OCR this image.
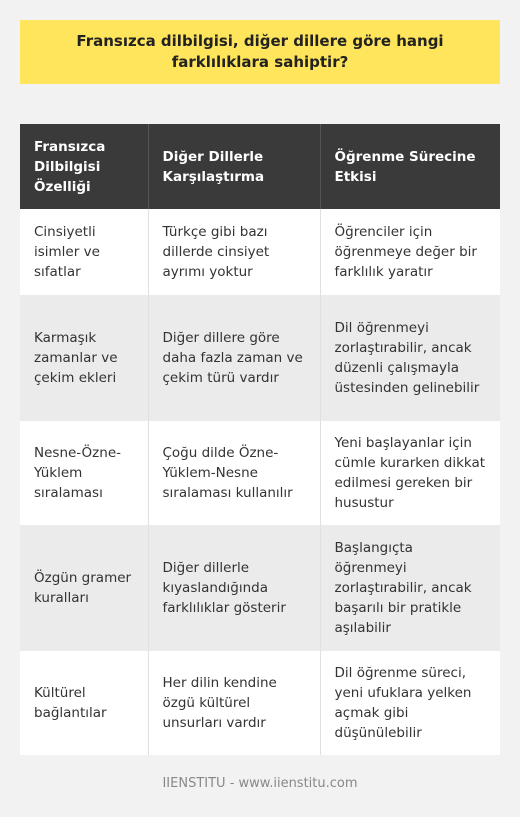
Fransızca dilbilgisi, diğer dillere göre hangi farklılıklara sahiptir?
Fransızca Dilbilgisi Özelliği	Diğer Dillerle Karşılaştırma	Öğrenme Sürecine Etkisi
Cinsiyetli isimler ve sıfatlar	Türkçe gibi bazı dillerde cinsiyet ayrımı yoktur	Öğrenciler için öğrenmeye değer bir farklılık yaratır
Karmaşık zamanlar ve çekim ekleri	Diğer dillere göre daha fazla zaman ve çekim türü vardır	Dil öğrenmeyi zorlaştırabilir, ancak düzenli çalışmayla üstesinden gelinebilir
Nesne-Özne-Yüklem sıralaması	Çoğu dilde Özne-Yüklem-Nesne sıralaması kullanılır	Yeni başlayanlar için cümle kurarken dikkat edilmesi gereken bir husustur
Özgün gramer kuralları	Diğer dillerle kıyaslandığında farklılıklar gösterir	Başlangıçta öğrenmeyi zorlaştırabilir, ancak başarılı bir pratikle aşılabilir
Kültürel bağlantılar	Her dilin kendine özgü kültürel unsurları vardır	Dil öğrenme süreci, yeni ufuklara yelken açmak gibi düşünülebilir
IIENSTITU - www.iienstitu.com
